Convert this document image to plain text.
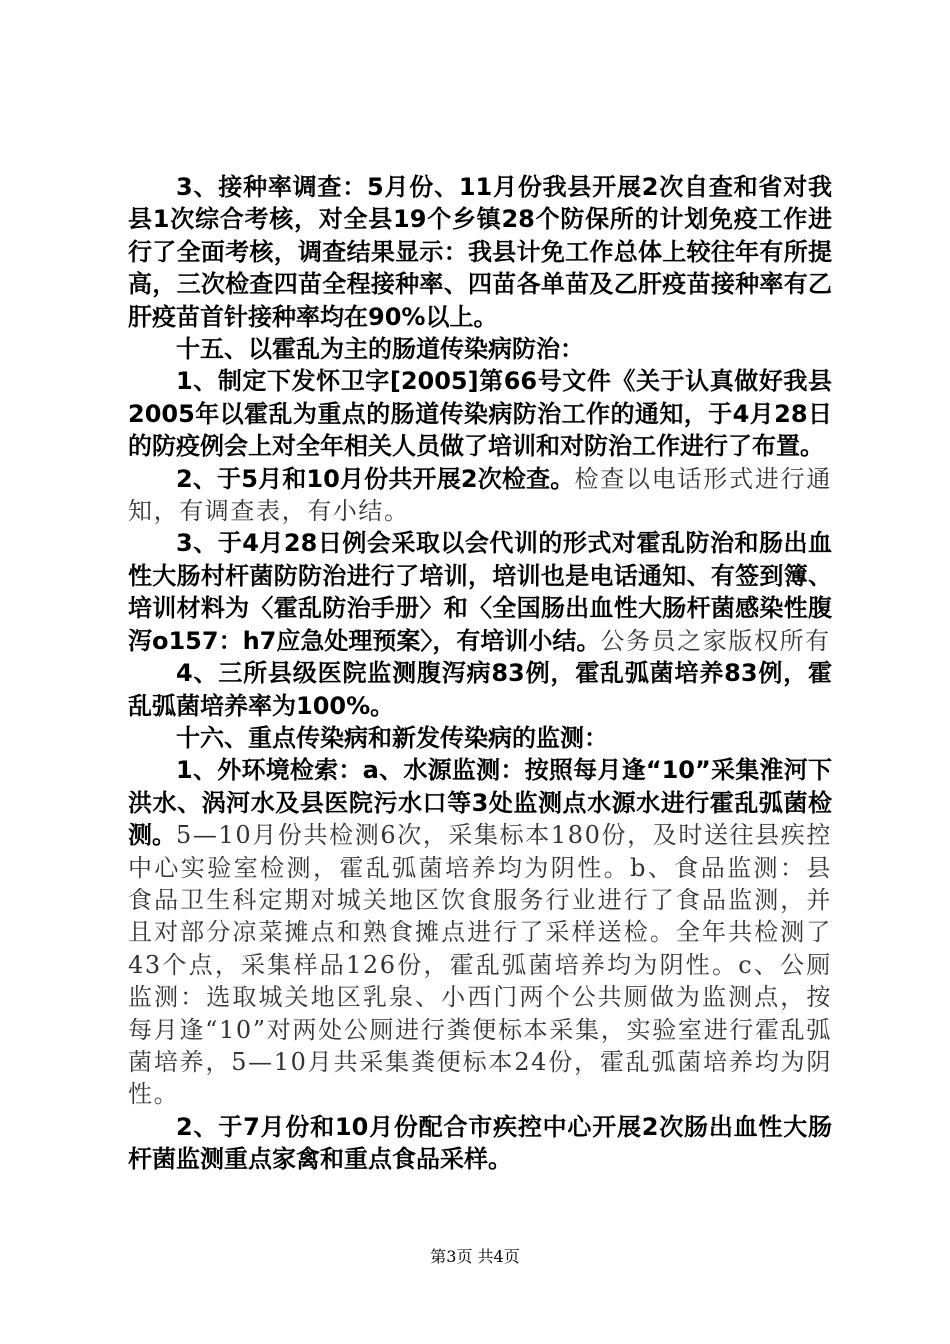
3、接种率调查：5月份、11月份我县开展2次自查和省对我县1次综合考核，对全县19个乡镇28个防保所的计划免疫工作进行了全面考核，调查结果显示：我县计免工作总体上较往年有所提高，三次检查四苗全程接种率、四苗各单苗及乙肝疫苗接种率有乙肝疫苗首针接种率均在90%以上。

十五、以霍乱为主的肠道传染病防治：

1、制定下发怀卫字[2005]第66号文件《关于认真做好我县2005年以霍乱为重点的肠道传染病防治工作的通知，于4月28日的防疫例会上对全年相关人员做了培训和对防治工作进行了布置。

2、于5月和10月份共开展2次检查。检查以电话形式进行通知，有调查表，有小结。

3、于4月28日例会采取以会代训的形式对霍乱防治和肠出血性大肠村杆菌防防治进行了培训，培训也是电话通知、有签到簿、培训材料为〈霍乱防治手册〉和〈全国肠出血性大肠杆菌感染性腹泻o157：h7应急处理预案〉，有培训小结。公务员之家版权所有

4、三所县级医院监测腹泻病83例，霍乱弧菌培养83例，霍乱弧菌培养率为100%。

十六、重点传染病和新发传染病的监测：

1、外环境检索：a、水源监测：按照每月逢“10”采集淮河下洪水、涡河水及县医院污水口等3处监测点水源水进行霍乱弧菌检测。5—10月份共检测6次，采集标本180份，及时送往县疾控中心实验室检测，霍乱弧菌培养均为阴性。b、食品监测：县食品卫生科定期对城关地区饮食服务行业进行了食品监测，并且对部分凉菜摊点和熟食摊点进行了采样送检。全年共检测了43个点，采集样品126份，霍乱弧菌培养均为阴性。c、公厕监测：选取城关地区乳泉、小西门两个公共厕做为监测点，按每月逢“10”对两处公厕进行粪便标本采集，实验室进行霍乱弧菌培养，5—10月共采集粪便标本24份，霍乱弧菌培养均为阴性。

2、于7月份和10月份配合市疾控中心开展2次肠出血性大肠杆菌监测重点家禽和重点食品采样。

第3页 共4页
